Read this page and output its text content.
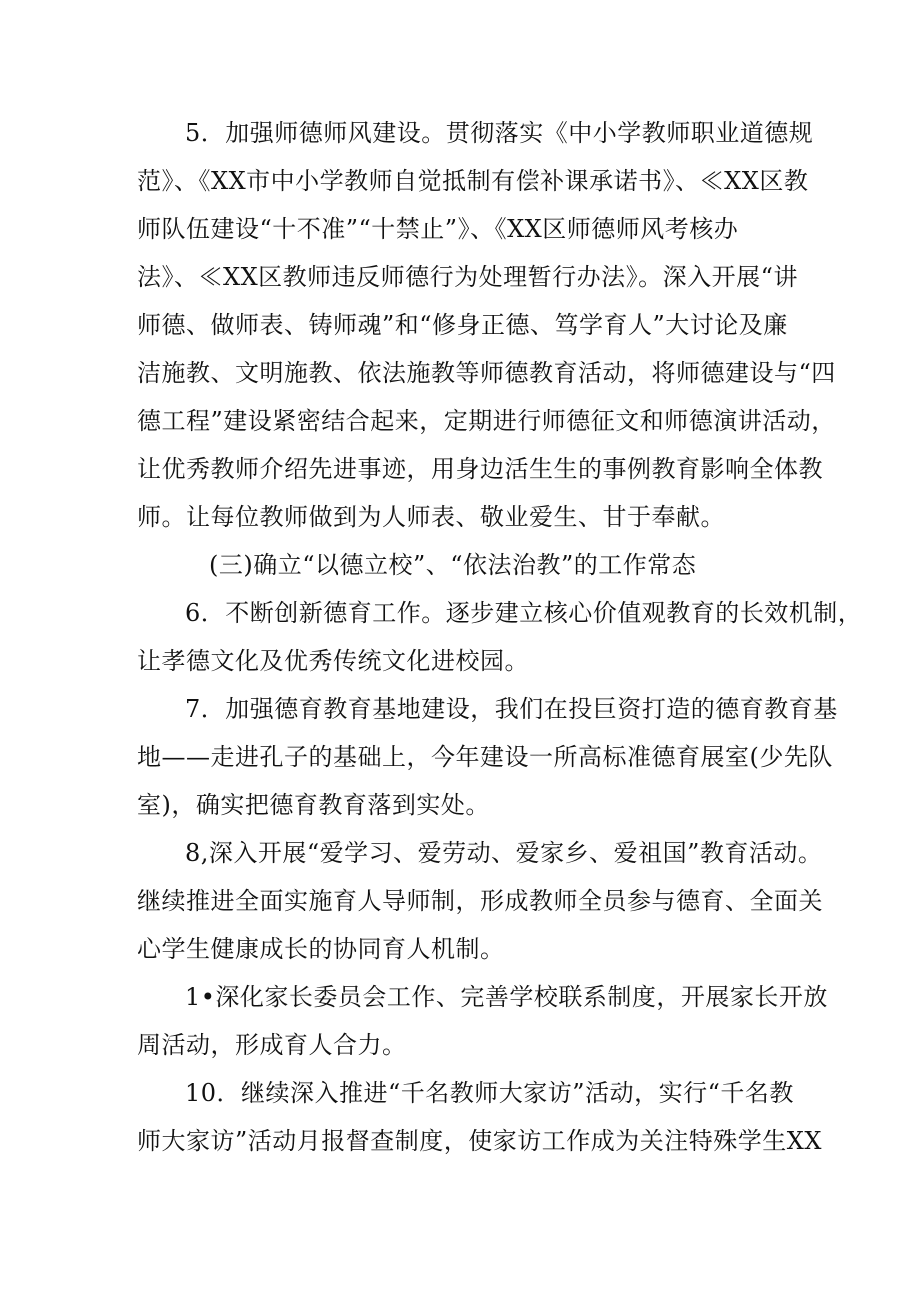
5．加强师德师风建设。贯彻落实《中小学教师职业道德规
范》、《XX市中小学教师自觉抵制有偿补课承诺书》、≪XX区教
师队伍建设“十不准”“十禁止”》、《XX区师德师风考核办
法》、≪XX区教师违反师德行为处理暂行办法》。深入开展“讲
师德、做师表、铸师魂”和“修身正德、笃学育人”大讨论及廉
洁施教、文明施教、依法施教等师德教育活动，将师德建设与“四
德工程”建设紧密结合起来，定期进行师德征文和师德演讲活动，
让优秀教师介绍先进事迹，用身边活生生的事例教育影响全体教
师。让每位教师做到为人师表、敬业爱生、甘于奉献。
(三)确立“以德立校”、“依法治教”的工作常态
6．不断创新德育工作。逐步建立核心价值观教育的长效机制，
让孝德文化及优秀传统文化进校园。
7．加强德育教育基地建设，我们在投巨资打造的德育教育基
地——走进孔子的基础上，今年建设一所高标准德育展室(少先队
室)，确实把德育教育落到实处。
8,深入开展“爱学习、爱劳动、爱家乡、爱祖国”教育活动。
继续推进全面实施育人导师制，形成教师全员参与德育、全面关
心学生健康成长的协同育人机制。
1•深化家长委员会工作、完善学校联系制度，开展家长开放
周活动，形成育人合力。
10．继续深入推进“千名教师大家访”活动，实行“千名教
师大家访”活动月报督查制度，使家访工作成为关注特殊学生XX
